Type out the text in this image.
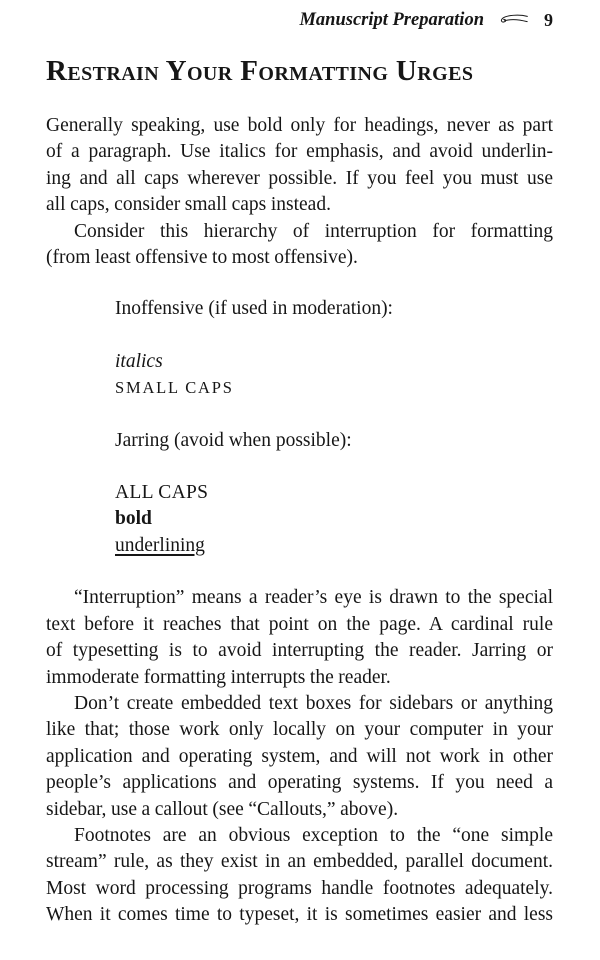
Manuscript Preparation	9
Restrain Your Formatting Urges
Generally speaking, use bold only for headings, never as part
of a paragraph. Use italics for emphasis, and avoid underlin-
ing and all caps wherever possible. If you feel you must use
all caps, consider small caps instead.
Consider this hierarchy of interruption for formatting
(from least offensive to most offensive).
Inoffensive (if used in moderation):
italics
SMALL CAPS
Jarring (avoid when possible):
ALL CAPS
bold
underlining
“Interruption” means a reader’s eye is drawn to the special
text before it reaches that point on the page. A cardinal rule
of typesetting is to avoid interrupting the reader. Jarring or
immoderate formatting interrupts the reader.
Don’t create embedded text boxes for sidebars or anything
like that; those work only locally on your computer in your
application and operating system, and will not work in other
people’s applications and operating systems. If you need a
sidebar, use a callout (see “Callouts,” above).
Footnotes are an obvious exception to the “one simple
stream” rule, as they exist in an embedded, parallel document.
Most word processing programs handle footnotes adequately.
When it comes time to typeset, it is sometimes easier and less
